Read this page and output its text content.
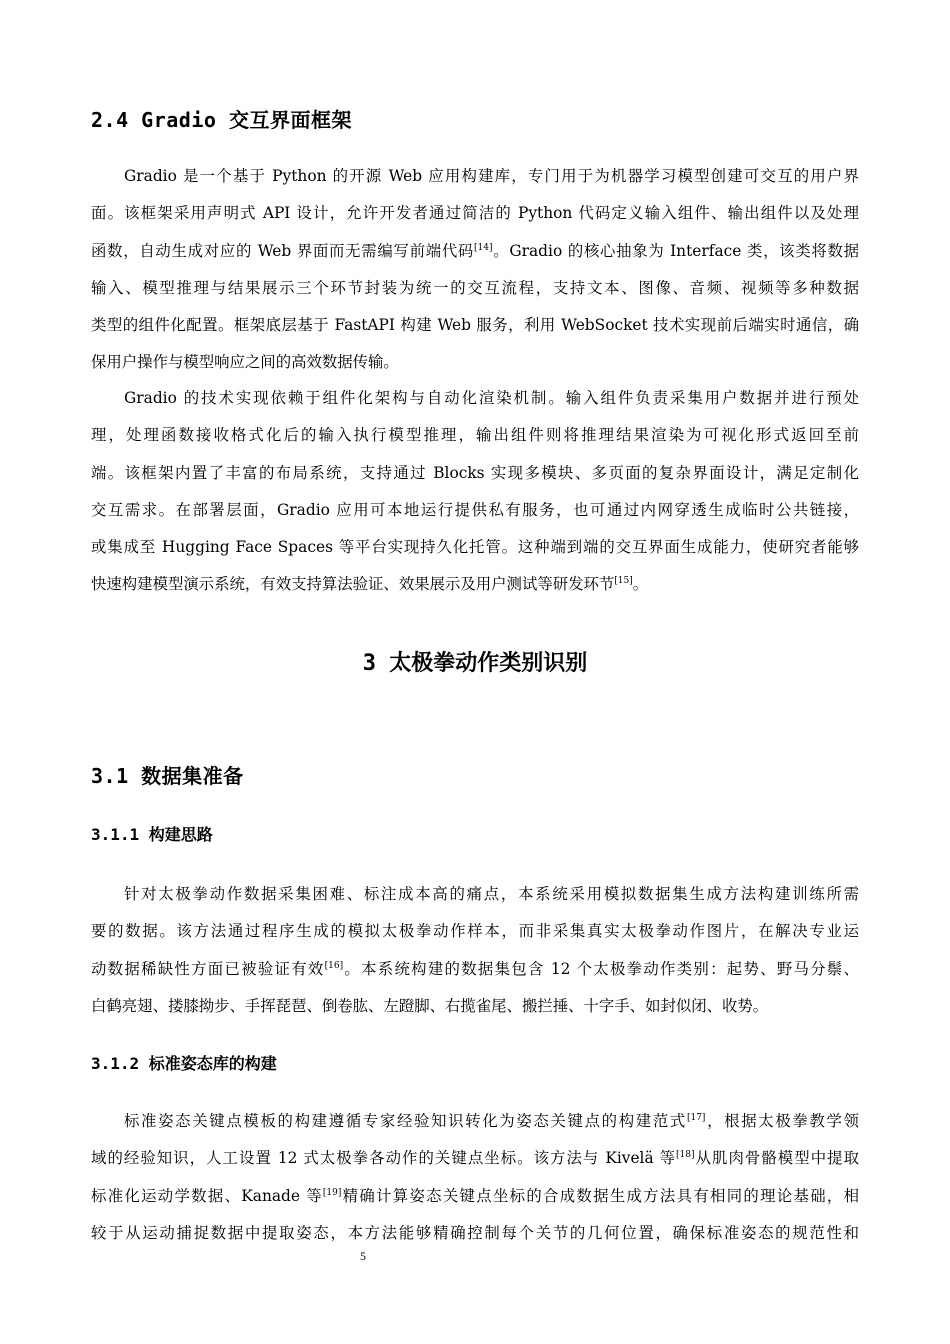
2.4 Gradio 交互界面框架
Gradio 是一个基于 Python 的开源 Web 应用构建库，专门用于为机器学习模型创建可交互的用户界
面。该框架采用声明式 API 设计，允许开发者通过简洁的 Python 代码定义输入组件、输出组件以及处理
函数，自动生成对应的 Web 界面而无需编写前端代码[14]。Gradio 的核心抽象为 Interface 类，该类将数据
输入、模型推理与结果展示三个环节封装为统一的交互流程，支持文本、图像、音频、视频等多种数据
类型的组件化配置。框架底层基于 FastAPI 构建 Web 服务，利用 WebSocket 技术实现前后端实时通信，确
保用户操作与模型响应之间的高效数据传输。
Gradio 的技术实现依赖于组件化架构与自动化渲染机制。输入组件负责采集用户数据并进行预处
理，处理函数接收格式化后的输入执行模型推理，输出组件则将推理结果渲染为可视化形式返回至前
端。该框架内置了丰富的布局系统，支持通过 Blocks 实现多模块、多页面的复杂界面设计，满足定制化
交互需求。在部署层面，Gradio 应用可本地运行提供私有服务，也可通过内网穿透生成临时公共链接，
或集成至 Hugging Face Spaces 等平台实现持久化托管。这种端到端的交互界面生成能力，使研究者能够
快速构建模型演示系统，有效支持算法验证、效果展示及用户测试等研发环节[15]。
3 太极拳动作类别识别
3.1 数据集准备
3.1.1 构建思路
针对太极拳动作数据采集困难、标注成本高的痛点，本系统采用模拟数据集生成方法构建训练所需
要的数据。该方法通过程序生成的模拟太极拳动作样本，而非采集真实太极拳动作图片，在解决专业运
动数据稀缺性方面已被验证有效[16]。本系统构建的数据集包含 12 个太极拳动作类别：起势、野马分鬃、
白鹤亮翅、搂膝拗步、手挥琵琶、倒卷肱、左蹬脚、右揽雀尾、搬拦捶、十字手、如封似闭、收势。
3.1.2 标准姿态库的构建
标准姿态关键点模板的构建遵循专家经验知识转化为姿态关键点的构建范式[17]，根据太极拳教学领
域的经验知识，人工设置 12 式太极拳各动作的关键点坐标。该方法与 Kivelä 等[18]从肌肉骨骼模型中提取
标准化运动学数据、Kanade 等[19]精确计算姿态关键点坐标的合成数据生成方法具有相同的理论基础，相
较于从运动捕捉数据中提取姿态，本方法能够精确控制每个关节的几何位置，确保标准姿态的规范性和
5
